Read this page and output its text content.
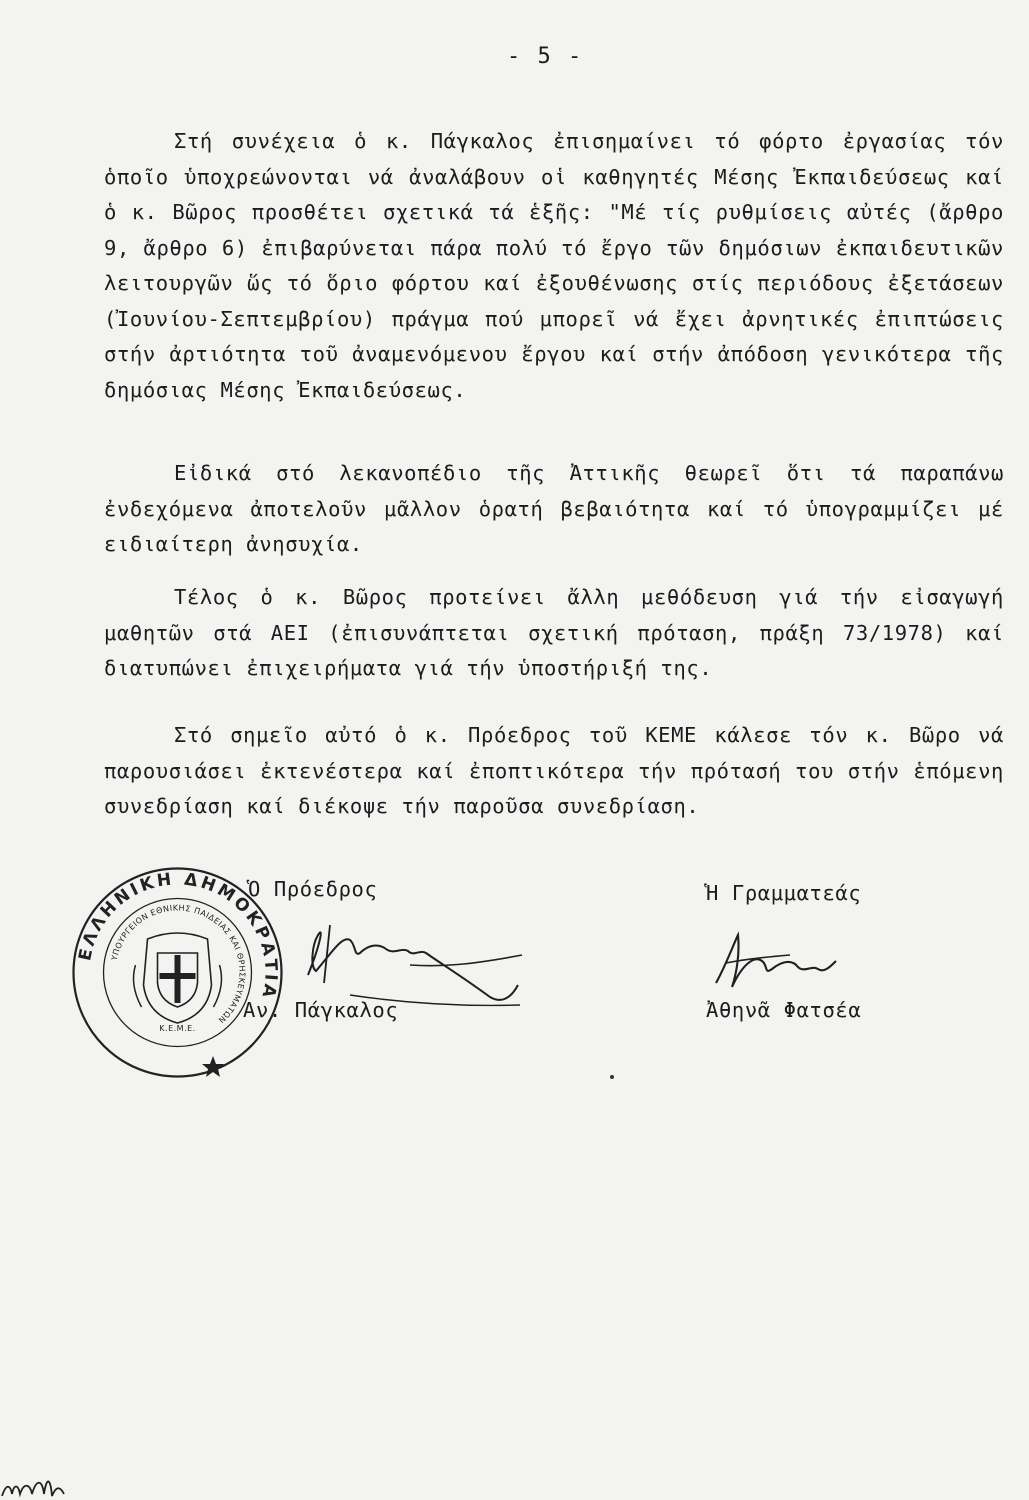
- 5 -

Στή συνέχεια ὁ κ. Πάγκαλος ἐπισημαίνει τό φόρτο ἐργασίας τόν ὁποῖο ὑποχρεώνονται νά ἀναλάβουν οἱ καθηγητές Μέσης Ἐκπαιδεύσεως καί ὁ κ. Βῶρος προσθέτει σχετικά τά ἑξῆς: "Μέ τίς ρυθμίσεις αὐτές (ἄρθρο 9, ἄρθρο 6) ἐπιβαρύνεται πάρα πολύ τό ἔργο τῶν δημόσιων ἐκπαιδευτικῶν λειτουργῶν ὥς τό ὅριο φόρτου καί ἐξουθένωσης στίς περιόδους ἐξετάσεων (Ἰουνίου-Σεπτεμβρίου) πράγμα πού μπορεῖ νά ἔχει ἀρνητικές ἐπιπτώσεις στήν ἀρτιότητα τοῦ ἀναμενόμενου ἔργου καί στήν ἀπόδοση γενικότερα τῆς δημόσιας Μέσης Ἐκπαιδεύσεως.

Εἰδικά στό λεκανοπέδιο τῆς Ἀττικῆς θεωρεῖ ὅτι τά παραπάνω ἐνδεχόμενα ἀποτελοῦν μᾶλλον ὁρατή βεβαιότητα καί τό ὑπογραμμίζει μέ ειδιαίτερη ἀνησυχία.

Τέλος ὁ κ. Βῶρος προτείνει ἄλλη μεθόδευση γιά τήν εἰσαγωγή μαθητῶν στά ΑΕΙ (ἐπισυνάπτεται σχετική πρόταση, πράξη 73/1978) καί διατυπώνει ἐπιχειρήματα γιά τήν ὑποστήριξή της.

Στό σημεῖο αὐτό ὁ κ. Πρόεδρος τοῦ ΚΕΜΕ κάλεσε τόν κ. Βῶρο νά παρουσιάσει ἐκτενέστερα καί ἐποπτικότερα τήν πρότασή του στήν ἑπόμενη συνεδρίαση καί διέκοψε τήν παροῦσα συνεδρίαση.

ΕΛΛΗΝΙΚΗ ΔΗΜΟΚΡΑΤΙΑ
ΥΠΟΥΡΓΕΙΟΝ ΕΘΝΙΚΗΣ ΠΑΙΔΕΙΑΣ ΚΑΙ ΘΡΗΣΚΕΥΜΑΤΩΝ
Κ.Ε.Μ.Ε.
Ὁ Πρόεδρος
Αν. Πάγκαλος
Ἡ Γραμματεάς
Ἀθηνᾶ Φατσέα
